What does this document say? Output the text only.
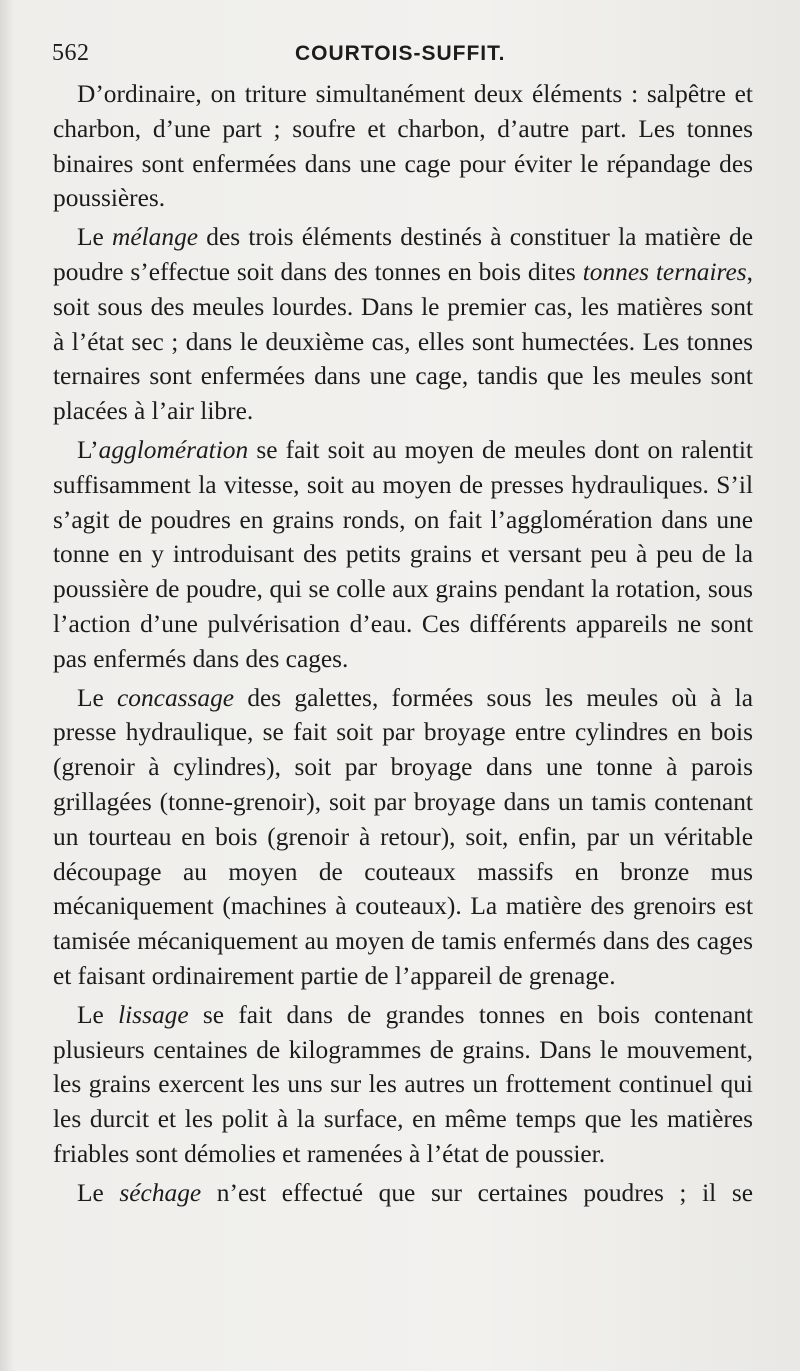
562	COURTOIS-SUFFIT.

D’ordinaire, on triture simultanément deux éléments : salpêtre et charbon, d’une part ; soufre et charbon, d’autre part. Les tonnes binaires sont enfermées dans une cage pour éviter le répandage des poussières.

Le mélange des trois éléments destinés à constituer la matière de poudre s’effectue soit dans des tonnes en bois dites tonnes ternaires, soit sous des meules lourdes. Dans le premier cas, les matières sont à l’état sec ; dans le deuxième cas, elles sont humectées. Les tonnes ternaires sont enfermées dans une cage, tandis que les meules sont placées à l’air libre.

L’agglomération se fait soit au moyen de meules dont on ralentit suffisamment la vitesse, soit au moyen de presses hydrauliques. S’il s’agit de poudres en grains ronds, on fait l’agglomération dans une tonne en y introduisant des petits grains et versant peu à peu de la poussière de poudre, qui se colle aux grains pendant la rotation, sous l’action d’une pulvérisation d’eau. Ces différents appareils ne sont pas enfermés dans des cages.

Le concassage des galettes, formées sous les meules où à la presse hydraulique, se fait soit par broyage entre cylindres en bois (grenoir à cylindres), soit par broyage dans une tonne à parois grillagées (tonne-grenoir), soit par broyage dans un tamis contenant un tourteau en bois (grenoir à retour), soit, enfin, par un véritable découpage au moyen de couteaux massifs en bronze mus mécaniquement (machines à couteaux). La matière des grenoirs est tamisée mécaniquement au moyen de tamis enfermés dans des cages et faisant ordinairement partie de l’appareil de grenage.

Le lissage se fait dans de grandes tonnes en bois contenant plusieurs centaines de kilogrammes de grains. Dans le mouvement, les grains exercent les uns sur les autres un frottement continuel qui les durcit et les polit à la surface, en même temps que les matières friables sont démolies et ramenées à l’état de poussier.

Le séchage n’est effectué que sur certaines poudres ; il se
